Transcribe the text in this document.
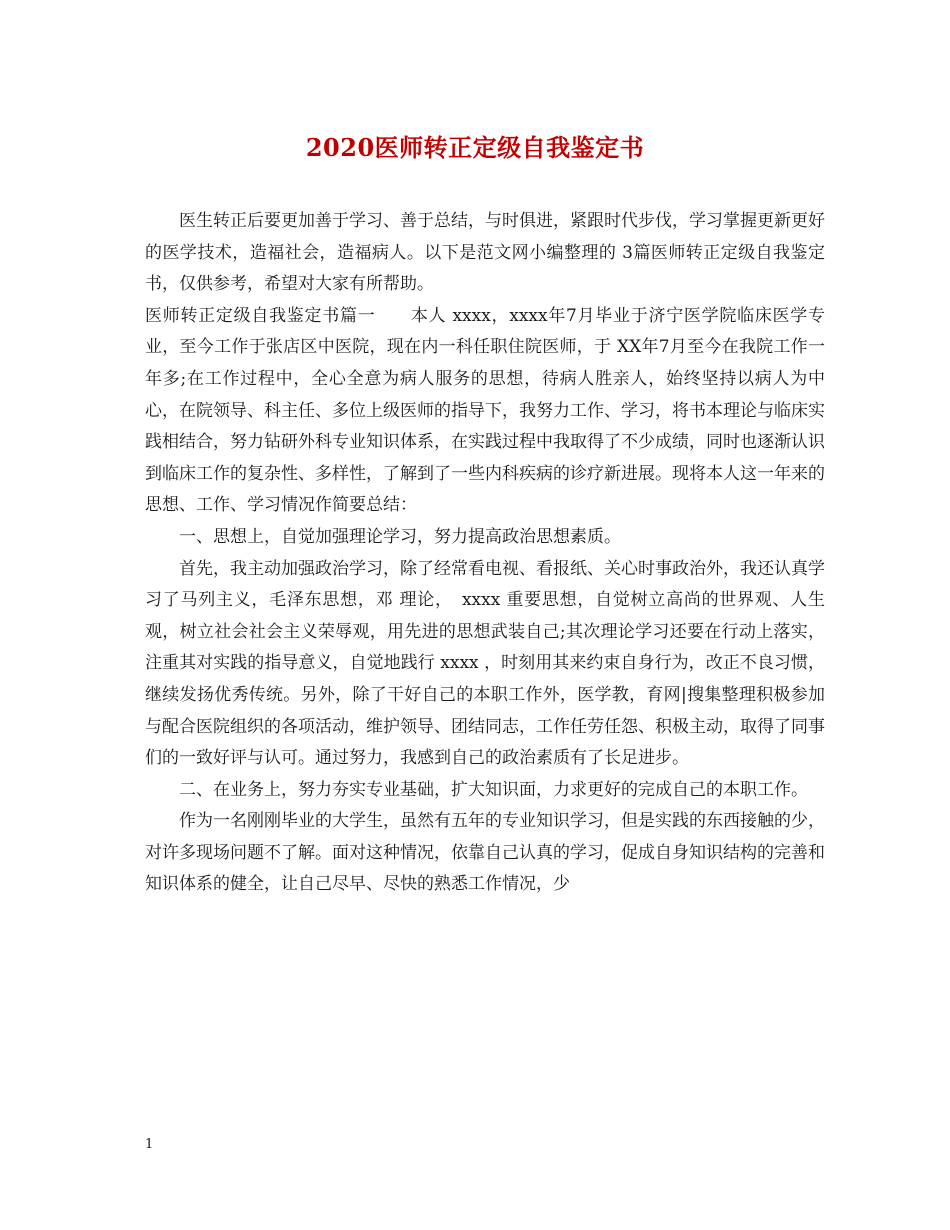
2020医师转正定级自我鉴定书

医生转正后要更加善于学习、善于总结，与时俱进，紧跟时代步伐，学习掌握更新更好的医学技术，造福社会，造福病人。以下是范文网小编整理的 3篇医师转正定级自我鉴定书，仅供参考，希望对大家有所帮助。

医师转正定级自我鉴定书篇一　　本人 xxxx，xxxx年7月毕业于济宁医学院临床医学专业，至今工作于张店区中医院，现在内一科任职住院医师，于 XX年7月至今在我院工作一年多;在工作过程中，全心全意为病人服务的思想，待病人胜亲人，始终坚持以病人为中心，在院领导、科主任、多位上级医师的指导下，我努力工作、学习，将书本理论与临床实践相结合，努力钻研外科专业知识体系，在实践过程中我取得了不少成绩，同时也逐渐认识到临床工作的复杂性、多样性，了解到了一些内科疾病的诊疗新进展。现将本人这一年来的思想、工作、学习情况作简要总结：

一、思想上，自觉加强理论学习，努力提高政治思想素质。

首先，我主动加强政治学习，除了经常看电视、看报纸、关心时事政治外，我还认真学习了马列主义，毛泽东思想，邓 理论，　xxxx 重要思想，自觉树立高尚的世界观、人生观，树立社会社会主义荣辱观，用先进的思想武装自己;其次理论学习还要在行动上落实，注重其对实践的指导意义，自觉地践行 xxxx ，时刻用其来约束自身行为，改正不良习惯，继续发扬优秀传统。另外，除了干好自己的本职工作外，医学教，育网|搜集整理积极参加与配合医院组织的各项活动，维护领导、团结同志，工作任劳任怨、积极主动，取得了同事们的一致好评与认可。通过努力，我感到自己的政治素质有了长足进步。

二、在业务上，努力夯实专业基础，扩大知识面，力求更好的完成自己的本职工作。

作为一名刚刚毕业的大学生，虽然有五年的专业知识学习，但是实践的东西接触的少，对许多现场问题不了解。面对这种情况，依靠自己认真的学习，促成自身知识结构的完善和知识体系的健全，让自己尽早、尽快的熟悉工作情况，少

1
